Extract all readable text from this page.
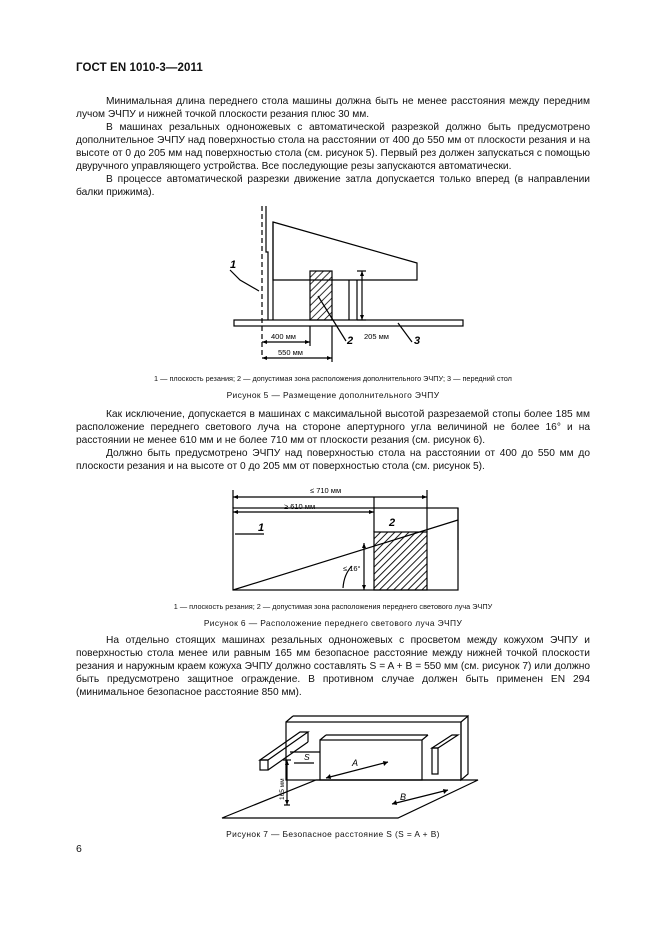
ГОСТ EN 1010-3—2011

Минимальная длина переднего стола машины должна быть не менее расстояния между передним лучом ЭЧПУ и нижней точкой плоскости резания плюс 30 мм.

В машинах резальных одноножевых с автоматической разрезкой должно быть предусмотрено дополнительное ЭЧПУ над поверхностью стола на расстоянии от 400 до 550 мм от плоскости резания и на высоте от 0 до 205 мм над поверхностью стола (см. рисунок 5). Первый рез должен запускаться с помощью двуручного управляющего устройства. Все последующие резы запускаются автоматически.

В процессе автоматической разрезки движение затла допускается только вперед (в направлении балки прижима).

1
2	3
400 мм
550 мм
205 мм
1 — плоскость резания; 2 — допустимая зона расположения дополнительного ЭЧПУ; 3 — передний стол
Рисунок 5 — Размещение дополнительного ЭЧПУ

Как исключение, допускается в машинах с максимальной высотой разрезаемой стопы более 185 мм расположение переднего светового луча на стороне апертурного угла величиной не более 16° и на расстоянии не менее 610 мм и не более 710 мм от плоскости резания (см. рисунок 6).

Должно быть предусмотрено ЭЧПУ над поверхностью стола на расстоянии от 400 до 550 мм до плоскости резания и на высоте от 0 до 205 мм от поверхностью стола (см. рисунок 5).

≤ 710 мм
≥ 610 мм
1	2
≤ 16°
1 — плоскость резания; 2 — допустимая зона расположения переднего светового луча ЭЧПУ
Рисунок 6 — Расположение переднего светового луча ЭЧПУ

На отдельно стоящих машинах резальных одноножевых с просветом между кожухом ЭЧПУ и поверхностью стола менее или равным 165 мм безопасное расстояние между нижней точкой плоскости резания и наружным краем кожуха ЭЧПУ должно составлять S = A + B = 550 мм (см. рисунок 7) или должно быть предусмотрено защитное ограждение. В противном случае должен быть применен EN 294 (минимальное безопасное расстояние 850 мм).

S
A
B
165 мм
Рисунок 7 — Безопасное расстояние S (S = A + B)
6
